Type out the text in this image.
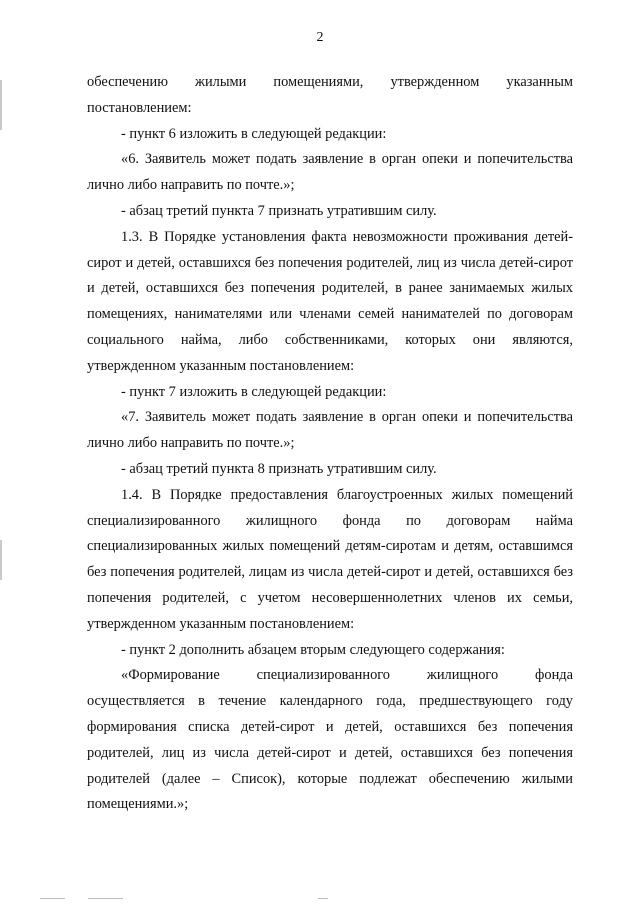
2

обеспечению жилыми помещениями, утвержденном указанным постановлением:

- пункт 6 изложить в следующей редакции:

«6. Заявитель может подать заявление в орган опеки и попечительства лично либо направить по почте.»;

- абзац третий пункта 7 признать утратившим силу.

1.3. В Порядке установления факта невозможности проживания детей-сирот и детей, оставшихся без попечения родителей, лиц из числа детей-сирот и детей, оставшихся без попечения родителей, в ранее занимаемых жилых помещениях, нанимателями или членами семей нанимателей по договорам социального найма, либо собственниками, которых они являются, утвержденном указанным постановлением:

- пункт 7 изложить в следующей редакции:

«7. Заявитель может подать заявление в орган опеки и попечительства лично либо направить по почте.»;

- абзац третий пункта 8 признать утратившим силу.

1.4. В Порядке предоставления благоустроенных жилых помещений специализированного жилищного фонда по договорам найма специализированных жилых помещений детям-сиротам и детям, оставшимся без попечения родителей, лицам из числа детей-сирот и детей, оставшихся без попечения родителей, с учетом несовершеннолетних членов их семьи, утвержденном указанным постановлением:

- пункт 2 дополнить абзацем вторым следующего содержания:

«Формирование специализированного жилищного фонда осуществляется в течение календарного года, предшествующего году формирования списка детей-сирот и детей, оставшихся без попечения родителей, лиц из числа детей-сирот и детей, оставшихся без попечения родителей (далее – Список), которые подлежат обеспечению жилыми помещениями.»;
